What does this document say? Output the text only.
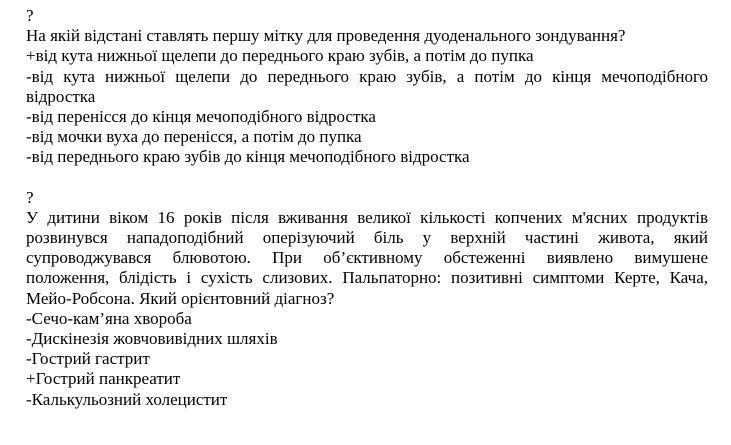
?
На якій відстані ставлять першу мітку для проведення дуоденального зондування?
+від кута нижньої щелепи до переднього краю зубів, а потім до пупка
-від кута нижньої щелепи до переднього краю зубів, а потім до кінця мечоподібного
відростка
-від перенісся до кінця мечоподібного відростка
-від мочки вуха до перенісся, а потім до пупка
-від переднього краю зубів до кінця мечоподібного відростка
?
У дитини віком 16 років після вживання великої кількості копчених м'ясних продуктів
розвинувся нападоподібний оперізуючий біль у верхній частині живота, який
супроводжувався блювотою. При об’єктивному обстеженні виявлено вимушене
положення, блідість і сухість слизових. Пальпаторно: позитивні симптоми Керте, Кача,
Мейо-Робсона. Який орієнтовний діагноз?
-Сечо-кам’яна хвороба
-Дискінезія жовчовивідних шляхів
-Гострий гастрит
+Гострий панкреатит
-Калькульозний холецистит
